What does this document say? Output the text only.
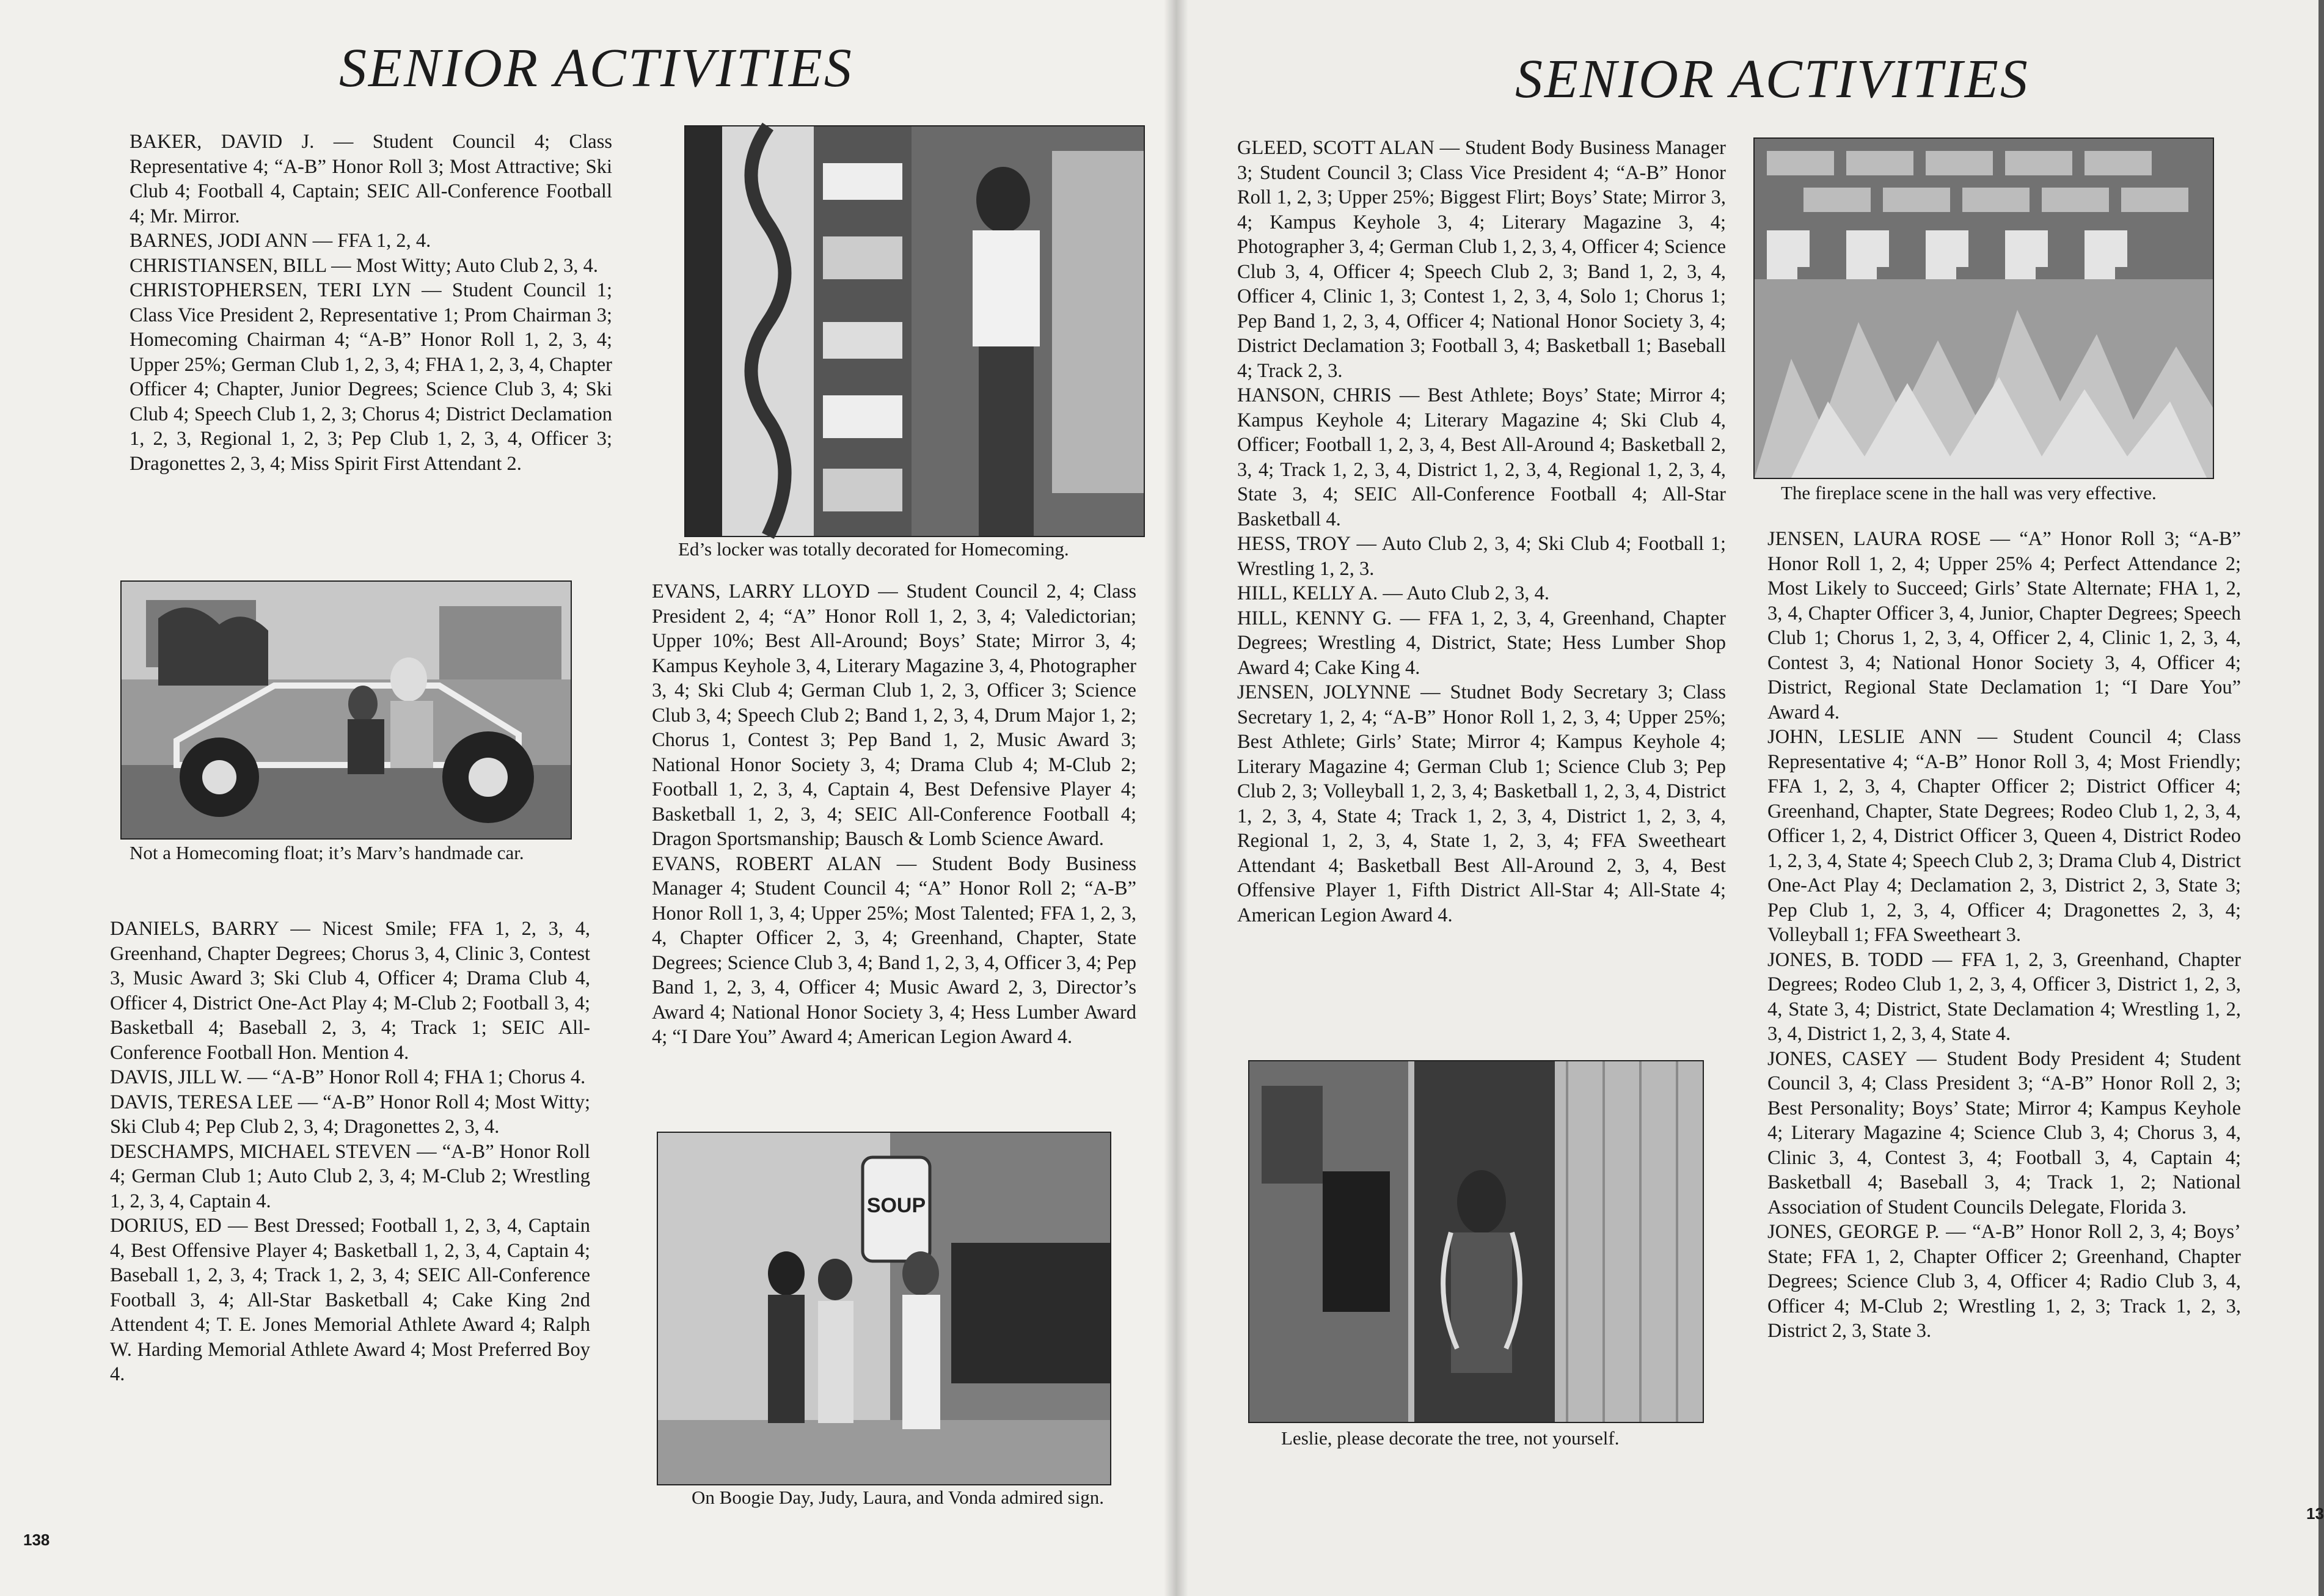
SENIOR ACTIVITIES

BAKER, DAVID J. — Student Council 4; Class Representative 4; “A-B” Honor Roll 3; Most Attractive; Ski Club 4; Football 4, Captain; SEIC All-Conference Football 4; Mr. Mirror.

BARNES, JODI ANN — FFA 1, 2, 4.

CHRISTIANSEN, BILL — Most Witty; Auto Club 2, 3, 4.

CHRISTOPHERSEN, TERI LYN — Student Council 1; Class Vice President 2, Representative 1; Prom Chairman 3; Homecoming Chairman 4; “A-B” Honor Roll 1, 2, 3, 4; Upper 25%; German Club 1, 2, 3, 4; FHA 1, 2, 3, 4, Chapter Officer 4; Chapter, Junior Degrees; Science Club 3, 4; Ski Club 4; Speech Club 1, 2, 3; Chorus 4; District Declamation 1, 2, 3, Regional 1, 2, 3; Pep Club 1, 2, 3, 4, Officer 3; Dragonettes 2, 3, 4; Miss Spirit First Attendant 2.

Not a Homecoming float; it’s Marv’s handmade car.

DANIELS, BARRY — Nicest Smile; FFA 1, 2, 3, 4, Greenhand, Chapter Degrees; Chorus 3, 4, Clinic 3, Contest 3, Music Award 3; Ski Club 4, Officer 4; Drama Club 4, Officer 4, District One-Act Play 4; M-Club 2; Football 3, 4; Basketball 4; Baseball 2, 3, 4; Track 1; SEIC All-Conference Football Hon. Mention 4.

DAVIS, JILL W. — “A-B” Honor Roll 4; FHA 1; Chorus 4.

DAVIS, TERESA LEE — “A-B” Honor Roll 4; Most Witty; Ski Club 4; Pep Club 2, 3, 4; Dragonettes 2, 3, 4.

DESCHAMPS, MICHAEL STEVEN — “A-B” Honor Roll 4; German Club 1; Auto Club 2, 3, 4; M-Club 2; Wrestling 1, 2, 3, 4, Captain 4.

DORIUS, ED — Best Dressed; Football 1, 2, 3, 4, Captain 4, Best Offensive Player 4; Basketball 1, 2, 3, 4, Captain 4; Baseball 1, 2, 3, 4; Track 1, 2, 3, 4; SEIC All-Conference Football 3, 4; All-Star Basketball 4; Cake King 2nd Attendent 4; T. E. Jones Memorial Athlete Award 4; Ralph W. Harding Memorial Athlete Award 4; Most Preferred Boy 4.

Ed’s locker was totally decorated for Homecoming.

EVANS, LARRY LLOYD — Student Council 2, 4; Class President 2, 4; “A” Honor Roll 1, 2, 3, 4; Valedictorian; Upper 10%; Best All-Around; Boys’ State; Mirror 3, 4; Kampus Keyhole 3, 4, Literary Magazine 3, 4, Photographer 3, 4; Ski Club 4; German Club 1, 2, 3, Officer 3; Science Club 3, 4; Speech Club 2; Band 1, 2, 3, 4, Drum Major 1, 2; Chorus 1, Contest 3; Pep Band 1, 2, Music Award 3; National Honor Society 3, 4; Drama Club 4; M-Club 2; Football 1, 2, 3, 4, Captain 4, Best Defensive Player 4; Basketball 1, 2, 3, 4; SEIC All-Conference Football 4; Dragon Sportsmanship; Bausch & Lomb Science Award.

EVANS, ROBERT ALAN — Student Body Business Manager 4; Student Council 4; “A” Honor Roll 2; “A-B” Honor Roll 1, 3, 4; Upper 25%; Most Talented; FFA 1, 2, 3, 4, Chapter Officer 2, 3, 4; Greenhand, Chapter, State Degrees; Science Club 3, 4; Band 1, 2, 3, 4, Officer 3, 4; Pep Band 1, 2, 3, 4, Officer 4; Music Award 2, 3, Director’s Award 4; National Honor Society 3, 4; Hess Lumber Award 4; “I Dare You” Award 4; American Legion Award 4.

SOUP
On Boogie Day, Judy, Laura, and Vonda admired sign.
138
SENIOR ACTIVITIES

GLEED, SCOTT ALAN — Student Body Business Manager 3; Student Council 3; Class Vice President 4; “A-B” Honor Roll 1, 2, 3; Upper 25%; Biggest Flirt; Boys’ State; Mirror 3, 4; Kampus Keyhole 3, 4; Literary Magazine 3, 4; Photographer 3, 4; German Club 1, 2, 3, 4, Officer 4; Science Club 3, 4, Officer 4; Speech Club 2, 3; Band 1, 2, 3, 4, Officer 4, Clinic 1, 3; Contest 1, 2, 3, 4, Solo 1; Chorus 1; Pep Band 1, 2, 3, 4, Officer 4; National Honor Society 3, 4; District Declamation 3; Football 3, 4; Basketball 1; Baseball 4; Track 2, 3.

HANSON, CHRIS — Best Athlete; Boys’ State; Mirror 4; Kampus Keyhole 4; Literary Magazine 4; Ski Club 4, Officer; Football 1, 2, 3, 4, Best All-Around 4; Basketball 2, 3, 4; Track 1, 2, 3, 4, District 1, 2, 3, 4, Regional 1, 2, 3, 4, State 3, 4; SEIC All-Conference Football 4; All-Star Basketball 4.

HESS, TROY — Auto Club 2, 3, 4; Ski Club 4; Football 1; Wrestling 1, 2, 3.

HILL, KELLY A. — Auto Club 2, 3, 4.

HILL, KENNY G. — FFA 1, 2, 3, 4, Greenhand, Chapter Degrees; Wrestling 4, District, State; Hess Lumber Shop Award 4; Cake King 4.

JENSEN, JOLYNNE — Studnet Body Secretary 3; Class Secretary 1, 2, 4; “A-B” Honor Roll 1, 2, 3, 4; Upper 25%; Best Athlete; Girls’ State; Mirror 4; Kampus Keyhole 4; Literary Magazine 4; German Club 1; Science Club 3; Pep Club 2, 3; Volleyball 1, 2, 3, 4; Basketball 1, 2, 3, 4, District 1, 2, 3, 4, State 4; Track 1, 2, 3, 4, District 1, 2, 3, 4, Regional 1, 2, 3, 4, State 1, 2, 3, 4; FFA Sweetheart Attendant 4; Basketball Best All-Around 2, 3, 4, Best Offensive Player 1, Fifth District All-Star 4; All-State 4; American Legion Award 4.

Leslie, please decorate the tree, not yourself.
The fireplace scene in the hall was very effective.

JENSEN, LAURA ROSE — “A” Honor Roll 3; “A-B” Honor Roll 1, 2, 4; Upper 25% 4; Perfect Attendance 2; Most Likely to Succeed; Girls’ State Alternate; FHA 1, 2, 3, 4, Chapter Officer 3, 4, Junior, Chapter Degrees; Speech Club 1; Chorus 1, 2, 3, 4, Officer 2, 4, Clinic 1, 2, 3, 4, Contest 3, 4; National Honor Society 3, 4, Officer 4; District, Regional State Declamation 1; “I Dare You” Award 4.

JOHN, LESLIE ANN — Student Council 4; Class Representative 4; “A-B” Honor Roll 3, 4; Most Friendly; FFA 1, 2, 3, 4, Chapter Officer 2; District Officer 4; Greenhand, Chapter, State Degrees; Rodeo Club 1, 2, 3, 4, Officer 1, 2, 4, District Officer 3, Queen 4, District Rodeo 1, 2, 3, 4, State 4; Speech Club 2, 3; Drama Club 4, District One-Act Play 4; Declamation 2, 3, District 2, 3, State 3; Pep Club 1, 2, 3, 4, Officer 4; Dragonettes 2, 3, 4; Volleyball 1; FFA Sweetheart 3.

JONES, B. TODD — FFA 1, 2, 3, Greenhand, Chapter Degrees; Rodeo Club 1, 2, 3, 4, Officer 3, District 1, 2, 3, 4, State 3, 4; District, State Declamation 4; Wrestling 1, 2, 3, 4, District 1, 2, 3, 4, State 4.

JONES, CASEY — Student Body President 4; Student Council 3, 4; Class President 3; “A-B” Honor Roll 2, 3; Best Personality; Boys’ State; Mirror 4; Kampus Keyhole 4; Literary Magazine 4; Science Club 3, 4; Chorus 3, 4, Clinic 3, 4, Contest 3, 4; Football 3, 4, Captain 4; Basketball 4; Baseball 3, 4; Track 1, 2; National Association of Student Councils Delegate, Florida 3.

JONES, GEORGE P. — “A-B” Honor Roll 2, 3, 4; Boys’ State; FFA 1, 2, Chapter Officer 2; Greenhand, Chapter Degrees; Science Club 3, 4, Officer 4; Radio Club 3, 4, Officer 4; M-Club 2; Wrestling 1, 2, 3; Track 1, 2, 3, District 2, 3, State 3.

13
